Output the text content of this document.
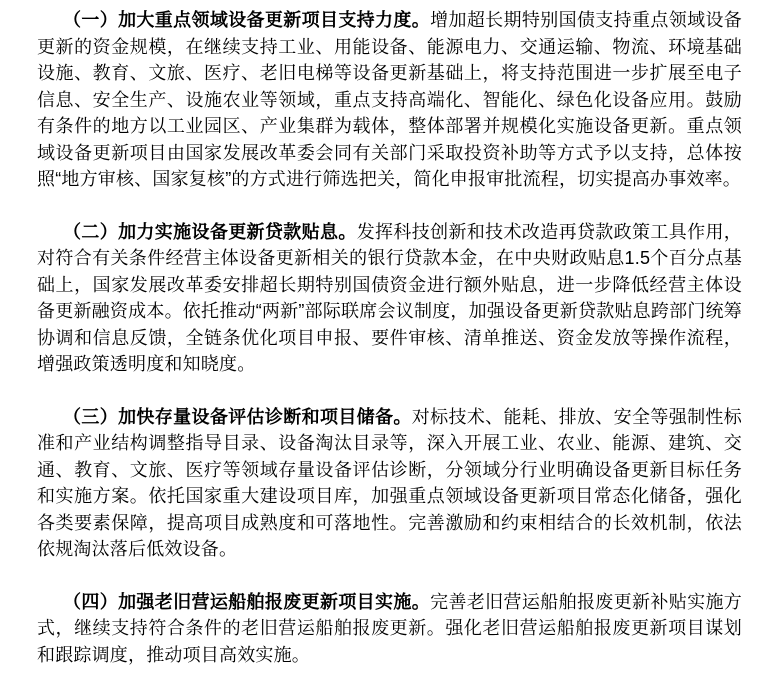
（一）加大重点领域设备更新项目支持力度。增加超长期特别国债支持重点领域设备更新的资金规模，在继续支持工业、用能设备、能源电力、交通运输、物流、环境基础设施、教育、文旅、医疗、老旧电梯等设备更新基础上，将支持范围进一步扩展至电子信息、安全生产、设施农业等领域，重点支持高端化、智能化、绿色化设备应用。鼓励有条件的地方以工业园区、产业集群为载体，整体部署并规模化实施设备更新。重点领域设备更新项目由国家发展改革委会同有关部门采取投资补助等方式予以支持，总体按照“地方审核、国家复核”的方式进行筛选把关，简化申报审批流程，切实提高办事效率。

（二）加力实施设备更新贷款贴息。发挥科技创新和技术改造再贷款政策工具作用，对符合有关条件经营主体设备更新相关的银行贷款本金，在中央财政贴息1.5个百分点基础上，国家发展改革委安排超长期特别国债资金进行额外贴息，进一步降低经营主体设备更新融资成本。依托推动“两新”部际联席会议制度，加强设备更新贷款贴息跨部门统筹协调和信息反馈，全链条优化项目申报、要件审核、清单推送、资金发放等操作流程，增强政策透明度和知晓度。

（三）加快存量设备评估诊断和项目储备。对标技术、能耗、排放、安全等强制性标准和产业结构调整指导目录、设备淘汰目录等，深入开展工业、农业、能源、建筑、交通、教育、文旅、医疗等领域存量设备评估诊断，分领域分行业明确设备更新目标任务和实施方案。依托国家重大建设项目库，加强重点领域设备更新项目常态化储备，强化各类要素保障，提高项目成熟度和可落地性。完善激励和约束相结合的长效机制，依法依规淘汰落后低效设备。

（四）加强老旧营运船舶报废更新项目实施。完善老旧营运船舶报废更新补贴实施方式，继续支持符合条件的老旧营运船舶报废更新。强化老旧营运船舶报废更新项目谋划和跟踪调度，推动项目高效实施。
